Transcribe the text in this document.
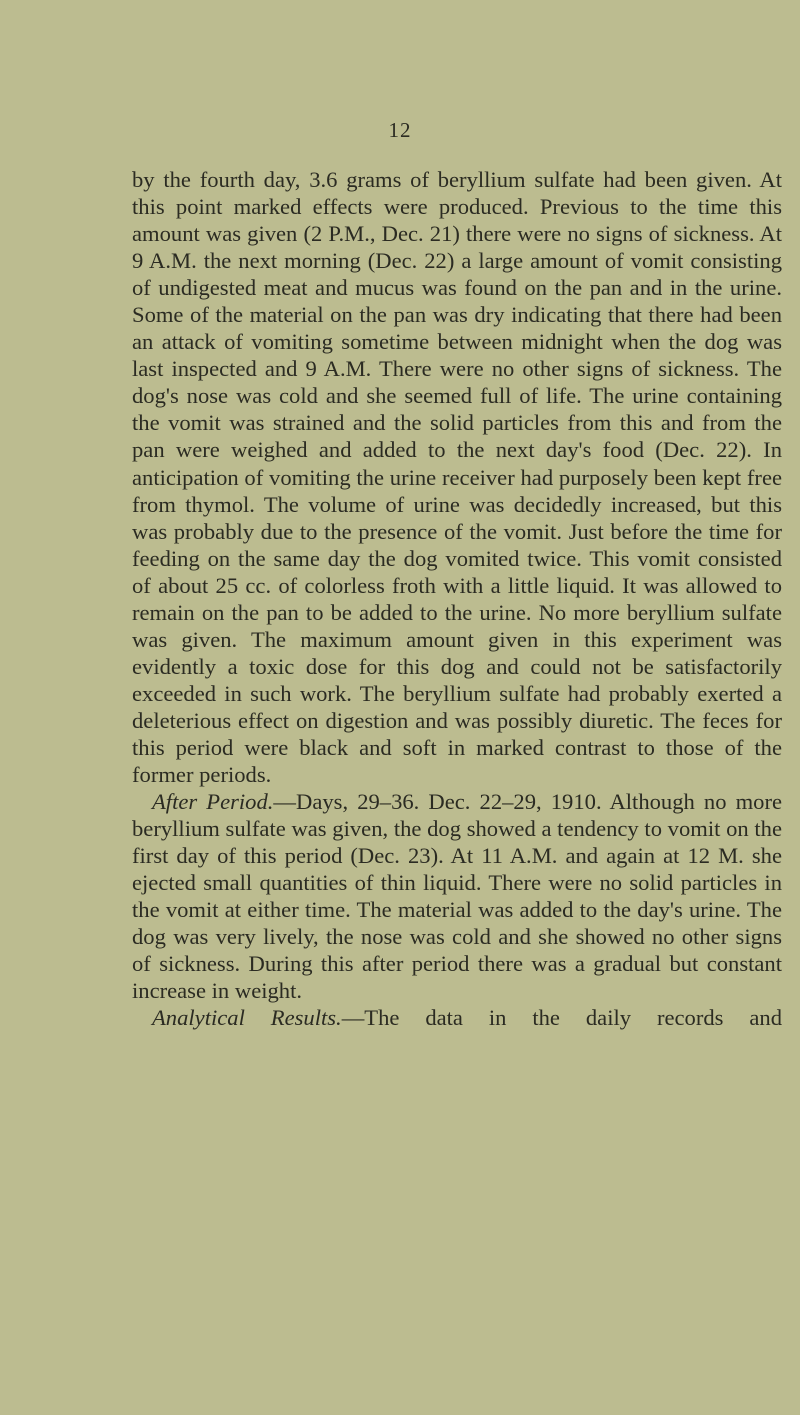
12

by the fourth day, 3.6 grams of beryllium sulfate had been given. At this point marked effects were produced. Previous to the time this amount was given (2 P.M., Dec. 21) there were no signs of sickness. At 9 A.M. the next morning (Dec. 22) a large amount of vomit consisting of undigested meat and mucus was found on the pan and in the urine. Some of the material on the pan was dry indicating that there had been an attack of vomiting sometime between midnight when the dog was last inspected and 9 A.M. There were no other signs of sickness. The dog's nose was cold and she seemed full of life. The urine containing the vomit was strained and the solid particles from this and from the pan were weighed and added to the next day's food (Dec. 22). In anticipation of vomiting the urine receiver had purposely been kept free from thymol. The volume of urine was decidedly increased, but this was probably due to the presence of the vomit. Just before the time for feeding on the same day the dog vomited twice. This vomit consisted of about 25 cc. of colorless froth with a little liquid. It was allowed to remain on the pan to be added to the urine. No more beryllium sulfate was given. The maximum amount given in this experiment was evidently a toxic dose for this dog and could not be satisfactorily exceeded in such work. The beryllium sulfate had probably exerted a deleterious effect on digestion and was possibly diuretic. The feces for this period were black and soft in marked contrast to those of the former periods.

After Period.—Days, 29–36. Dec. 22–29, 1910. Although no more beryllium sulfate was given, the dog showed a tendency to vomit on the first day of this period (Dec. 23). At 11 A.M. and again at 12 M. she ejected small quantities of thin liquid. There were no solid particles in the vomit at either time. The material was added to the day's urine. The dog was very lively, the nose was cold and she showed no other signs of sickness. During this after period there was a gradual but constant increase in weight.

Analytical Results.—The data in the daily records and
